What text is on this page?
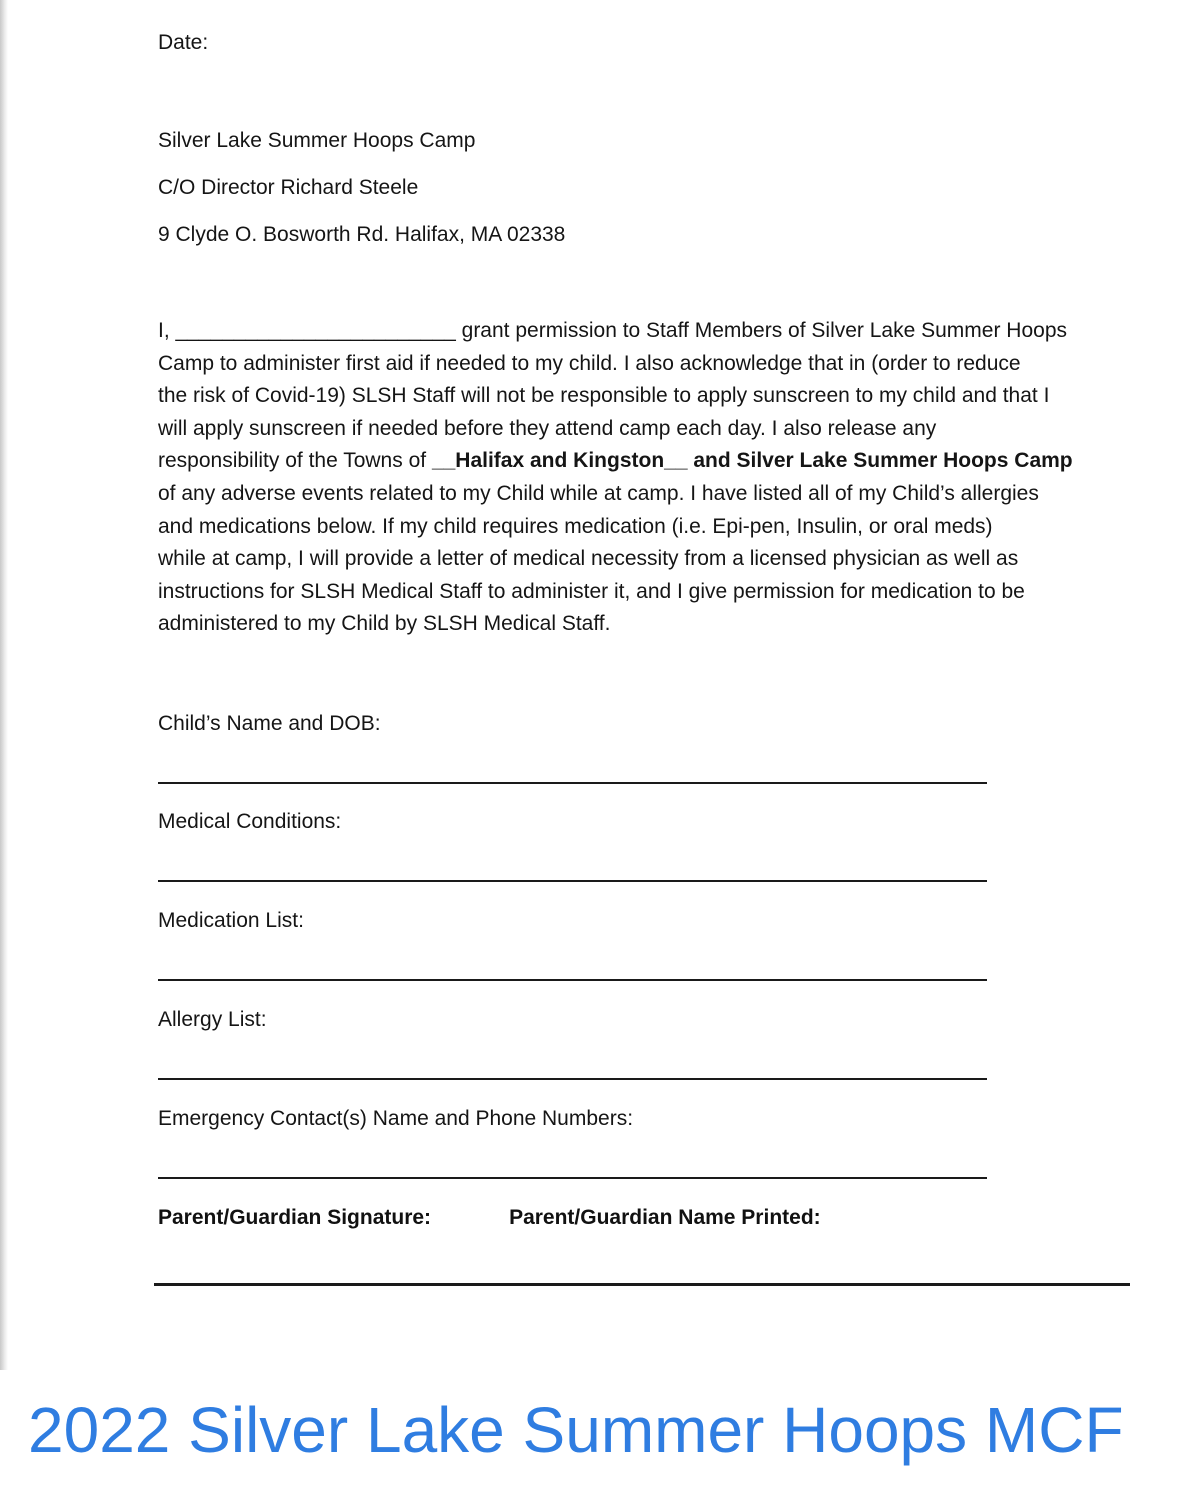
Date:
Silver Lake Summer Hoops Camp
C/O Director Richard Steele
9 Clyde O. Bosworth Rd. Halifax, MA 02338

I, ________________________ grant permission to Staff Members of Silver Lake Summer Hoops

Camp to administer first aid if needed to my child. I also acknowledge that in (order to reduce

the risk of Covid-19) SLSH Staff will not be responsible to apply sunscreen to my child and that I

will apply sunscreen if needed before they attend camp each day. I also release any

responsibility of the Towns of __Halifax and Kingston__ and Silver Lake Summer Hoops Camp

of any adverse events related to my Child while at camp. I have listed all of my Child’s allergies

and medications below. If my child requires medication (i.e. Epi-pen, Insulin, or oral meds)

while at camp, I will provide a letter of medical necessity from a licensed physician as well as

instructions for SLSH Medical Staff to administer it, and I give permission for medication to be

administered to my Child by SLSH Medical Staff.

Child’s Name and DOB:
Medical Conditions:
Medication List:
Allergy List:
Emergency Contact(s) Name and Phone Numbers:
Parent/Guardian Signature:	Parent/Guardian Name Printed:
2022 Silver Lake Summer Hoops MCF
